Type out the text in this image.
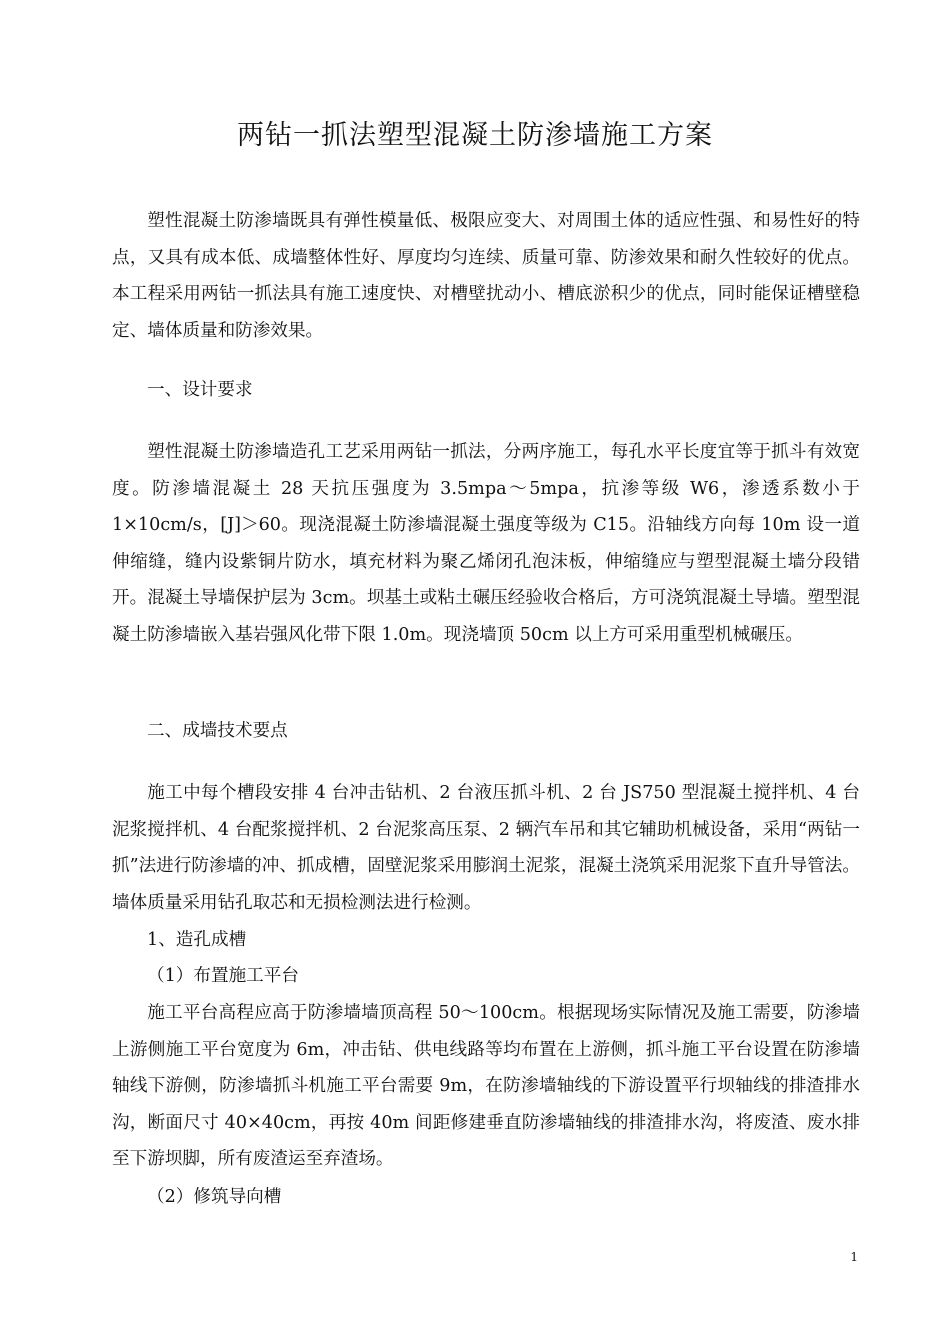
两钻一抓法塑型混凝土防渗墙施工方案

塑性混凝土防渗墙既具有弹性模量低、极限应变大、对周围土体的适应性强、和易性好的特点，又具有成本低、成墙整体性好、厚度均匀连续、质量可靠、防渗效果和耐久性较好的优点。本工程采用两钻一抓法具有施工速度快、对槽壁扰动小、槽底淤积少的优点，同时能保证槽壁稳定、墙体质量和防渗效果。

一、设计要求

塑性混凝土防渗墙造孔工艺采用两钻一抓法，分两序施工，每孔水平长度宜等于抓斗有效宽度。防渗墙混凝土 28 天抗压强度为 3.5mpa～5mpa，抗渗等级 W6，渗透系数小于 1×10cm/s，[J]＞60。现浇混凝土防渗墙混凝土强度等级为 C15。沿轴线方向每 10m 设一道伸缩缝，缝内设紫铜片防水，填充材料为聚乙烯闭孔泡沫板，伸缩缝应与塑型混凝土墙分段错开。混凝土导墙保护层为 3cm。坝基土或粘土碾压经验收合格后，方可浇筑混凝土导墙。塑型混凝土防渗墙嵌入基岩强风化带下限 1.0m。现浇墙顶 50cm 以上方可采用重型机械碾压。

二、成墙技术要点

施工中每个槽段安排 4 台冲击钻机、2 台液压抓斗机、2 台 JS750 型混凝土搅拌机、4 台泥浆搅拌机、4 台配浆搅拌机、2 台泥浆高压泵、2 辆汽车吊和其它辅助机械设备，采用“两钻一抓”法进行防渗墙的冲、抓成槽，固壁泥浆采用膨润土泥浆，混凝土浇筑采用泥浆下直升导管法。墙体质量采用钻孔取芯和无损检测法进行检测。

1、造孔成槽

（1）布置施工平台

施工平台高程应高于防渗墙墙顶高程 50～100cm。根据现场实际情况及施工需要，防渗墙上游侧施工平台宽度为 6m，冲击钻、供电线路等均布置在上游侧，抓斗施工平台设置在防渗墙轴线下游侧，防渗墙抓斗机施工平台需要 9m，在防渗墙轴线的下游设置平行坝轴线的排渣排水沟，断面尺寸 40×40cm，再按 40m 间距修建垂直防渗墙轴线的排渣排水沟，将废渣、废水排至下游坝脚，所有废渣运至弃渣场。

（2）修筑导向槽

1
